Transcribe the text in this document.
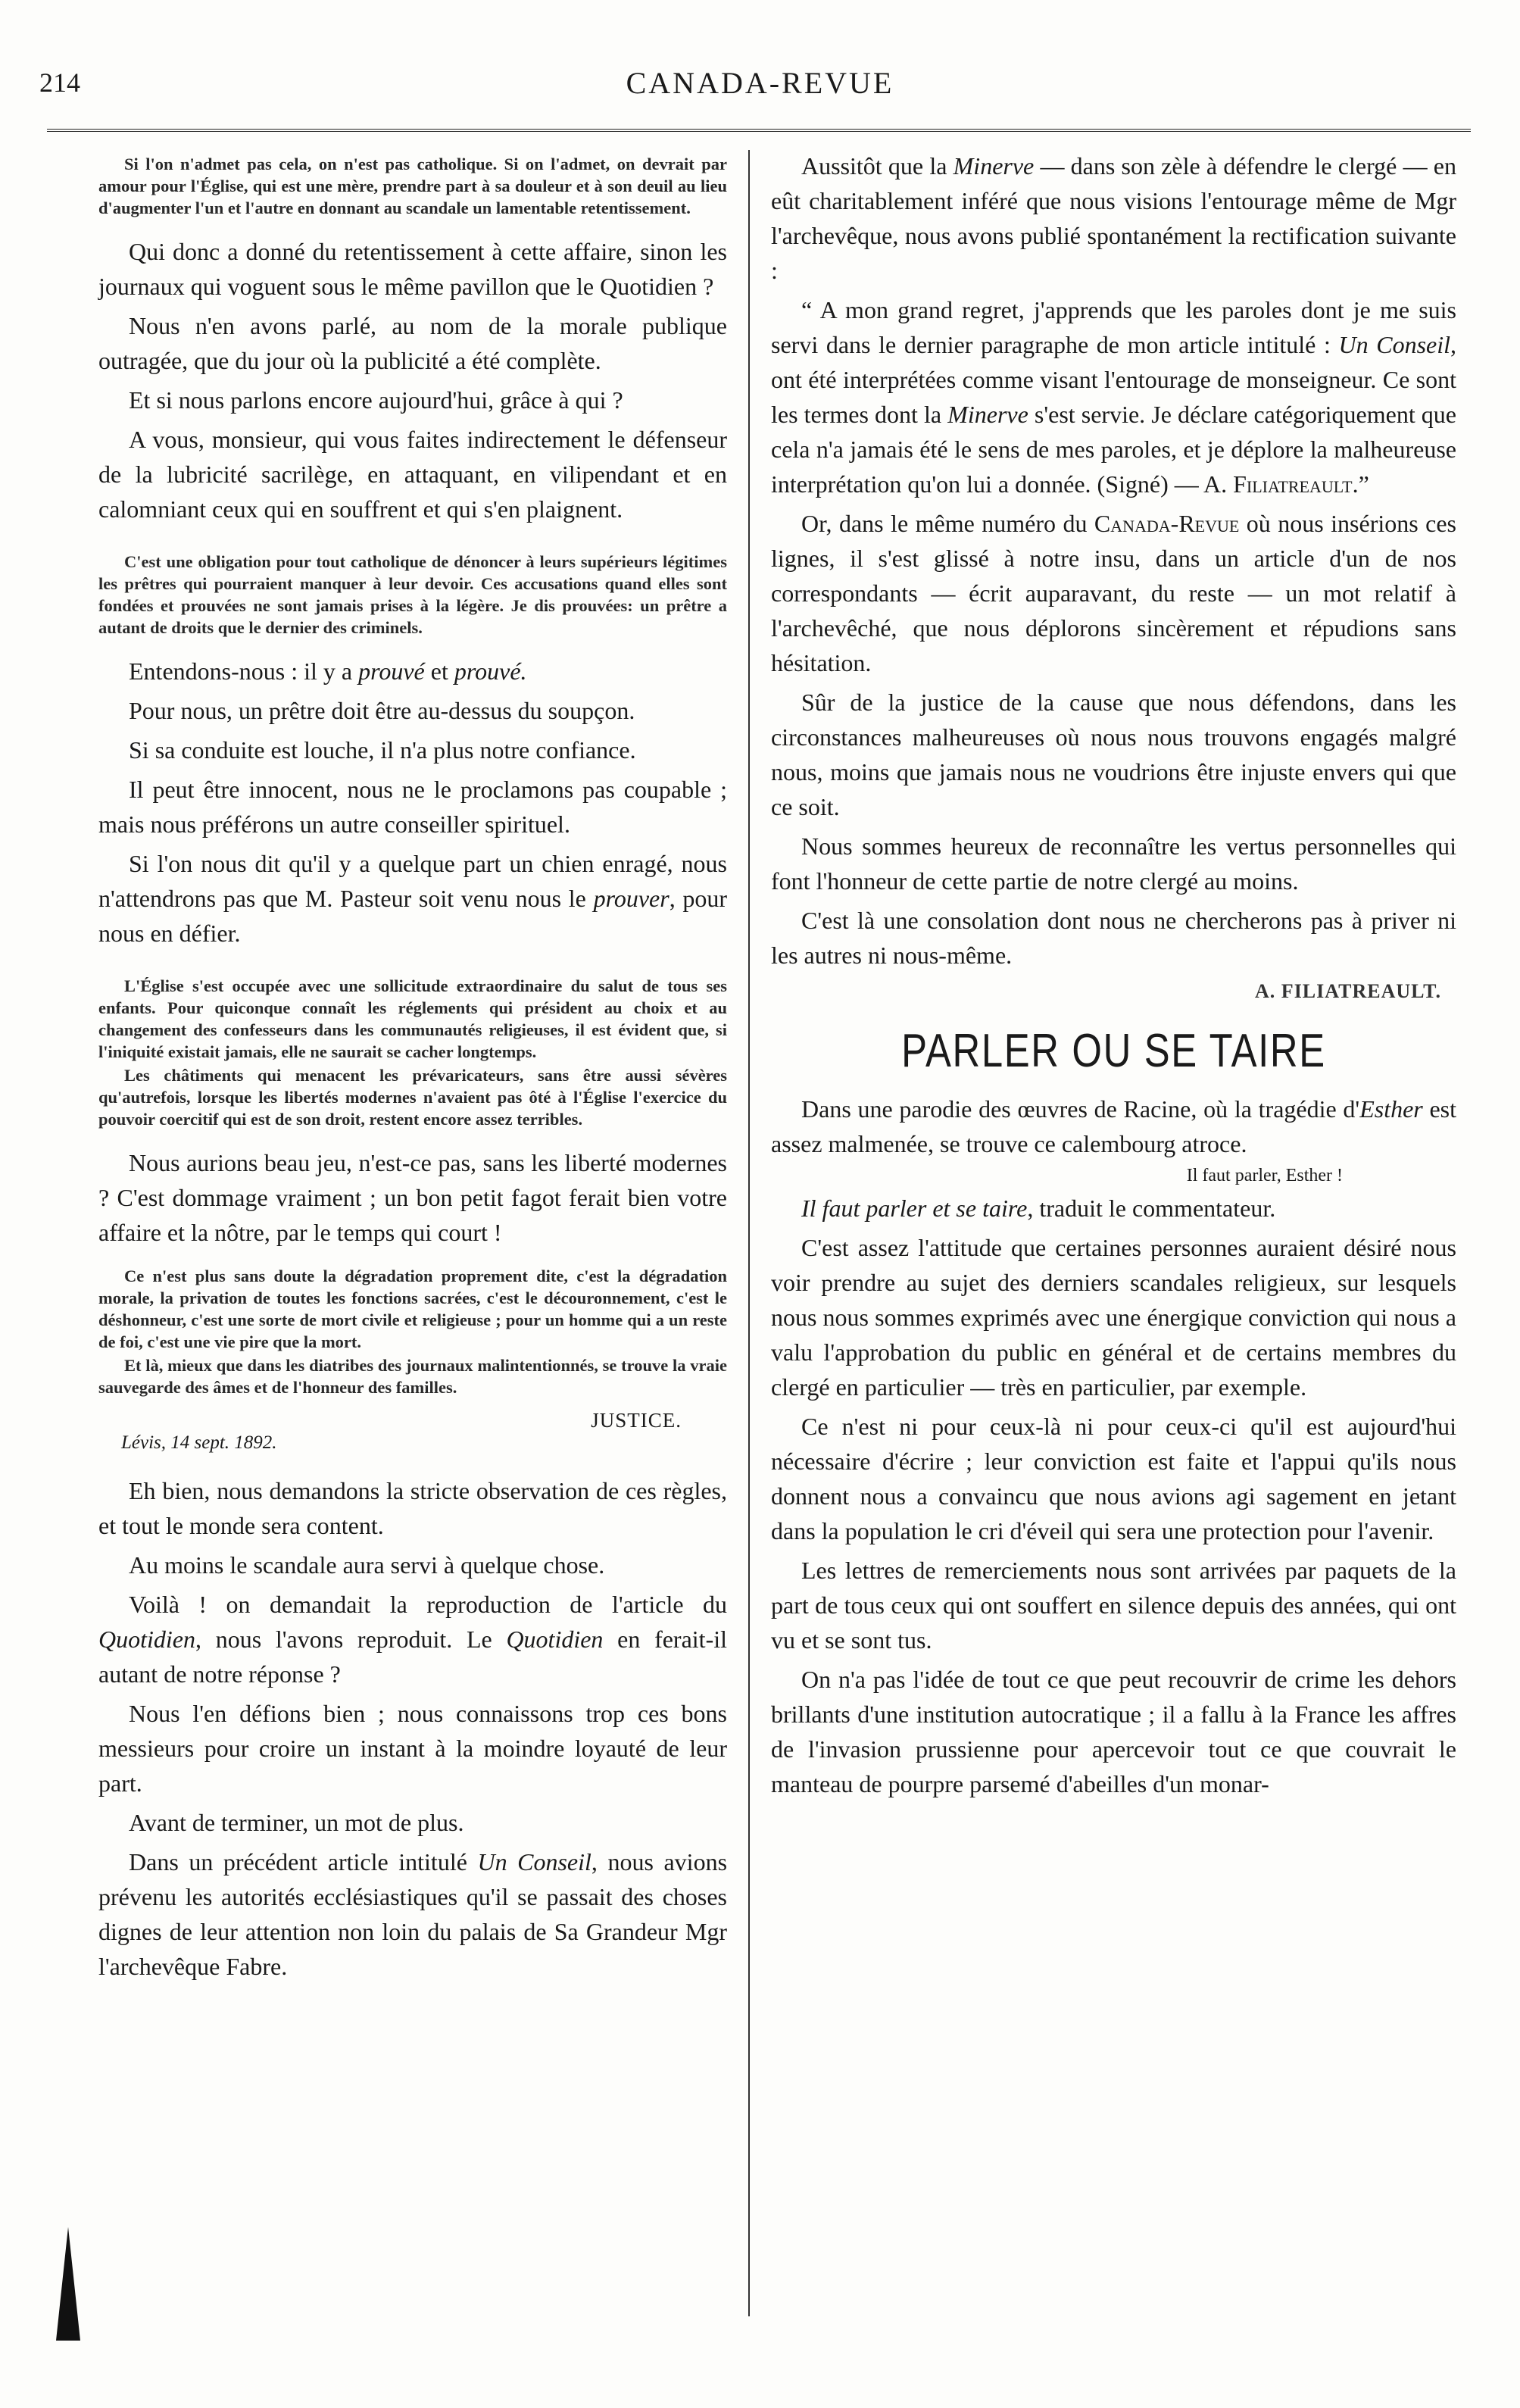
214	CANADA-REVUE

Si l'on n'admet pas cela, on n'est pas catholique. Si on l'admet, on devrait par amour pour l'Église, qui est une mère, prendre part à sa douleur et à son deuil au lieu d'augmenter l'un et l'autre en donnant au scandale un lamentable retentissement.

Qui donc a donné du retentissement à cette affaire, sinon les journaux qui voguent sous le même pavillon que le Quotidien ?

Nous n'en avons parlé, au nom de la morale publique outragée, que du jour où la publicité a été complète.

Et si nous parlons encore aujourd'hui, grâce à qui ?

A vous, monsieur, qui vous faites indirectement le défenseur de la lubricité sacrilège, en attaquant, en vilipendant et en calomniant ceux qui en souffrent et qui s'en plaignent.

C'est une obligation pour tout catholique de dénoncer à leurs supérieurs légitimes les prêtres qui pourraient manquer à leur devoir. Ces accusations quand elles sont fondées et prouvées ne sont jamais prises à la légère. Je dis prouvées: un prêtre a autant de droits que le dernier des criminels.

Entendons-nous : il y a prouvé et prouvé.

Pour nous, un prêtre doit être au-dessus du soupçon.

Si sa conduite est louche, il n'a plus notre confiance.

Il peut être innocent, nous ne le proclamons pas coupable ; mais nous préférons un autre conseiller spirituel.

Si l'on nous dit qu'il y a quelque part un chien enragé, nous n'attendrons pas que M. Pasteur soit venu nous le prouver, pour nous en défier.

L'Église s'est occupée avec une sollicitude extraordinaire du salut de tous ses enfants. Pour quiconque connaît les réglements qui président au choix et au changement des confesseurs dans les communautés religieuses, il est évident que, si l'iniquité existait jamais, elle ne saurait se cacher longtemps.

Les châtiments qui menacent les prévaricateurs, sans être aussi sévères qu'autrefois, lorsque les libertés modernes n'avaient pas ôté à l'Église l'exercice du pouvoir coercitif qui est de son droit, restent encore assez terribles.

Nous aurions beau jeu, n'est-ce pas, sans les liberté modernes ? C'est dommage vraiment ; un bon petit fagot ferait bien votre affaire et la nôtre, par le temps qui court !

Ce n'est plus sans doute la dégradation proprement dite, c'est la dégradation morale, la privation de toutes les fonctions sacrées, c'est le découronnement, c'est le déshonneur, c'est une sorte de mort civile et religieuse ; pour un homme qui a un reste de foi, c'est une vie pire que la mort.

Et là, mieux que dans les diatribes des journaux malintentionnés, se trouve la vraie sauvegarde des âmes et de l'honneur des familles.

JUSTICE.
Lévis, 14 sept. 1892.

Eh bien, nous demandons la stricte observation de ces règles, et tout le monde sera content.

Au moins le scandale aura servi à quelque chose.

Voilà ! on demandait la reproduction de l'article du Quotidien, nous l'avons reproduit. Le Quotidien en ferait-il autant de notre réponse ?

Nous l'en défions bien ; nous connaissons trop ces bons messieurs pour croire un instant à la moindre loyauté de leur part.

Avant de terminer, un mot de plus.

Dans un précédent article intitulé Un Conseil, nous avions prévenu les autorités ecclésiastiques qu'il se passait des choses dignes de leur attention non loin du palais de Sa Grandeur Mgr l'archevêque Fabre.

Aussitôt que la Minerve — dans son zèle à défendre le clergé — en eût charitablement inféré que nous visions l'entourage même de Mgr l'archevêque, nous avons publié spontanément la rectification suivante :

“ A mon grand regret, j'apprends que les paroles dont je me suis servi dans le dernier paragraphe de mon article intitulé : Un Conseil, ont été interprétées comme visant l'entourage de monseigneur. Ce sont les termes dont la Minerve s'est servie. Je déclare catégoriquement que cela n'a jamais été le sens de mes paroles, et je déplore la malheureuse interprétation qu'on lui a donnée. (Signé) — A. Filiatreault.”

Or, dans le même numéro du Canada-Revue où nous insérions ces lignes, il s'est glissé à notre insu, dans un article d'un de nos correspondants — écrit auparavant, du reste — un mot relatif à l'archevêché, que nous déplorons sincèrement et répudions sans hésitation.

Sûr de la justice de la cause que nous défendons, dans les circonstances malheureuses où nous nous trouvons engagés malgré nous, moins que jamais nous ne voudrions être injuste envers qui que ce soit.

Nous sommes heureux de reconnaître les vertus personnelles qui font l'honneur de cette partie de notre clergé au moins.

C'est là une consolation dont nous ne chercherons pas à priver ni les autres ni nous-même.

A. FILIATREAULT.
PARLER OU SE TAIRE

Dans une parodie des œuvres de Racine, où la tragédie d'Esther est assez malmenée, se trouve ce calembourg atroce.

Il faut parler, Esther !

Il faut parler et se taire, traduit le commentateur.

C'est assez l'attitude que certaines personnes auraient désiré nous voir prendre au sujet des derniers scandales religieux, sur lesquels nous nous sommes exprimés avec une énergique conviction qui nous a valu l'approbation du public en général et de certains membres du clergé en particulier — très en particulier, par exemple.

Ce n'est ni pour ceux-là ni pour ceux-ci qu'il est aujourd'hui nécessaire d'écrire ; leur conviction est faite et l'appui qu'ils nous donnent nous a convaincu que nous avions agi sagement en jetant dans la population le cri d'éveil qui sera une protection pour l'avenir.

Les lettres de remerciements nous sont arrivées par paquets de la part de tous ceux qui ont souffert en silence depuis des années, qui ont vu et se sont tus.

On n'a pas l'idée de tout ce que peut recouvrir de crime les dehors brillants d'une institution autocratique ; il a fallu à la France les affres de l'invasion prussienne pour apercevoir tout ce que couvrait le manteau de pourpre parsemé d'abeilles d'un monar-
